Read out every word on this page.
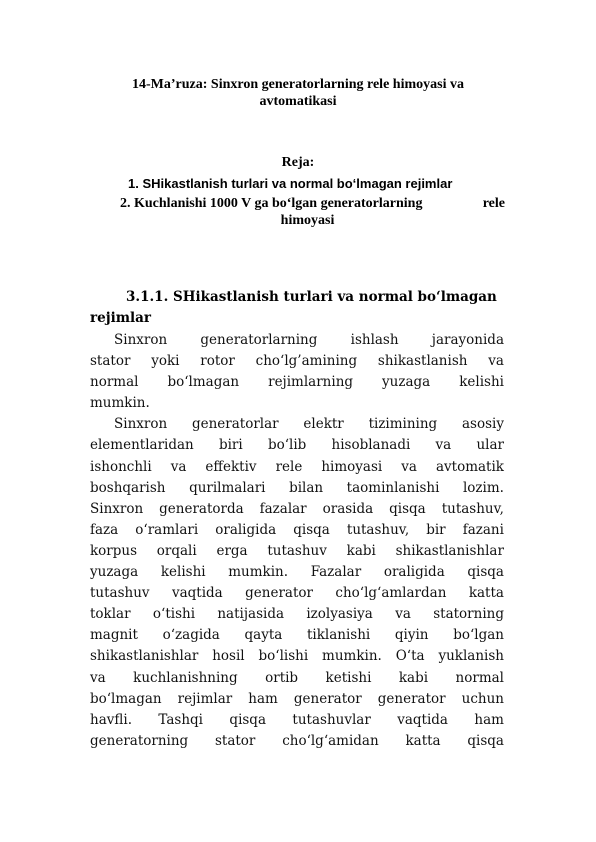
14-Ma’ruza: Sinxron generatorlarning rele himoyasi va
avtomatikasi
Reja:
1. SHikastlanish turlari va normal bo‘lmagan rejimlar
2. Kuchlanishi 1000 V ga bo‘lgan generatorlarning	rele
himoyasi
3.1.1. SHikastlanish turlari va normal bo‘lmagan
rejimlar
Sinxron generatorlarning ishlash jarayonida
stator yoki rotor cho‘lg’amining shikastlanish va
normal bo‘lmagan rejimlarning yuzaga kelishi
mumkin.
Sinxron generatorlar elektr tizimining asosiy
elementlaridan biri bo‘lib hisoblanadi va ular
ishonchli va effektiv rele himoyasi va avtomatik
boshqarish qurilmalari bilan taominlanishi lozim.
Sinxron generatorda fazalar orasida qisqa tutashuv,
faza o‘ramlari oraligida qisqa tutashuv, bir fazani
korpus orqali erga tutashuv kabi shikastlanishlar
yuzaga kelishi mumkin. Fazalar oraligida qisqa
tutashuv vaqtida generator cho‘lg‘amlardan katta
toklar o‘tishi natijasida izolyasiya va statorning
magnit o‘zagida qayta tiklanishi qiyin bo‘lgan
shikastlanishlar hosil bo‘lishi mumkin. O‘ta yuklanish
va kuchlanishning ortib ketishi kabi normal
bo‘lmagan rejimlar ham generator generator uchun
havfli. Tashqi qisqa tutashuvlar vaqtida ham
generatorning stator cho‘lg‘amidan katta qisqa
